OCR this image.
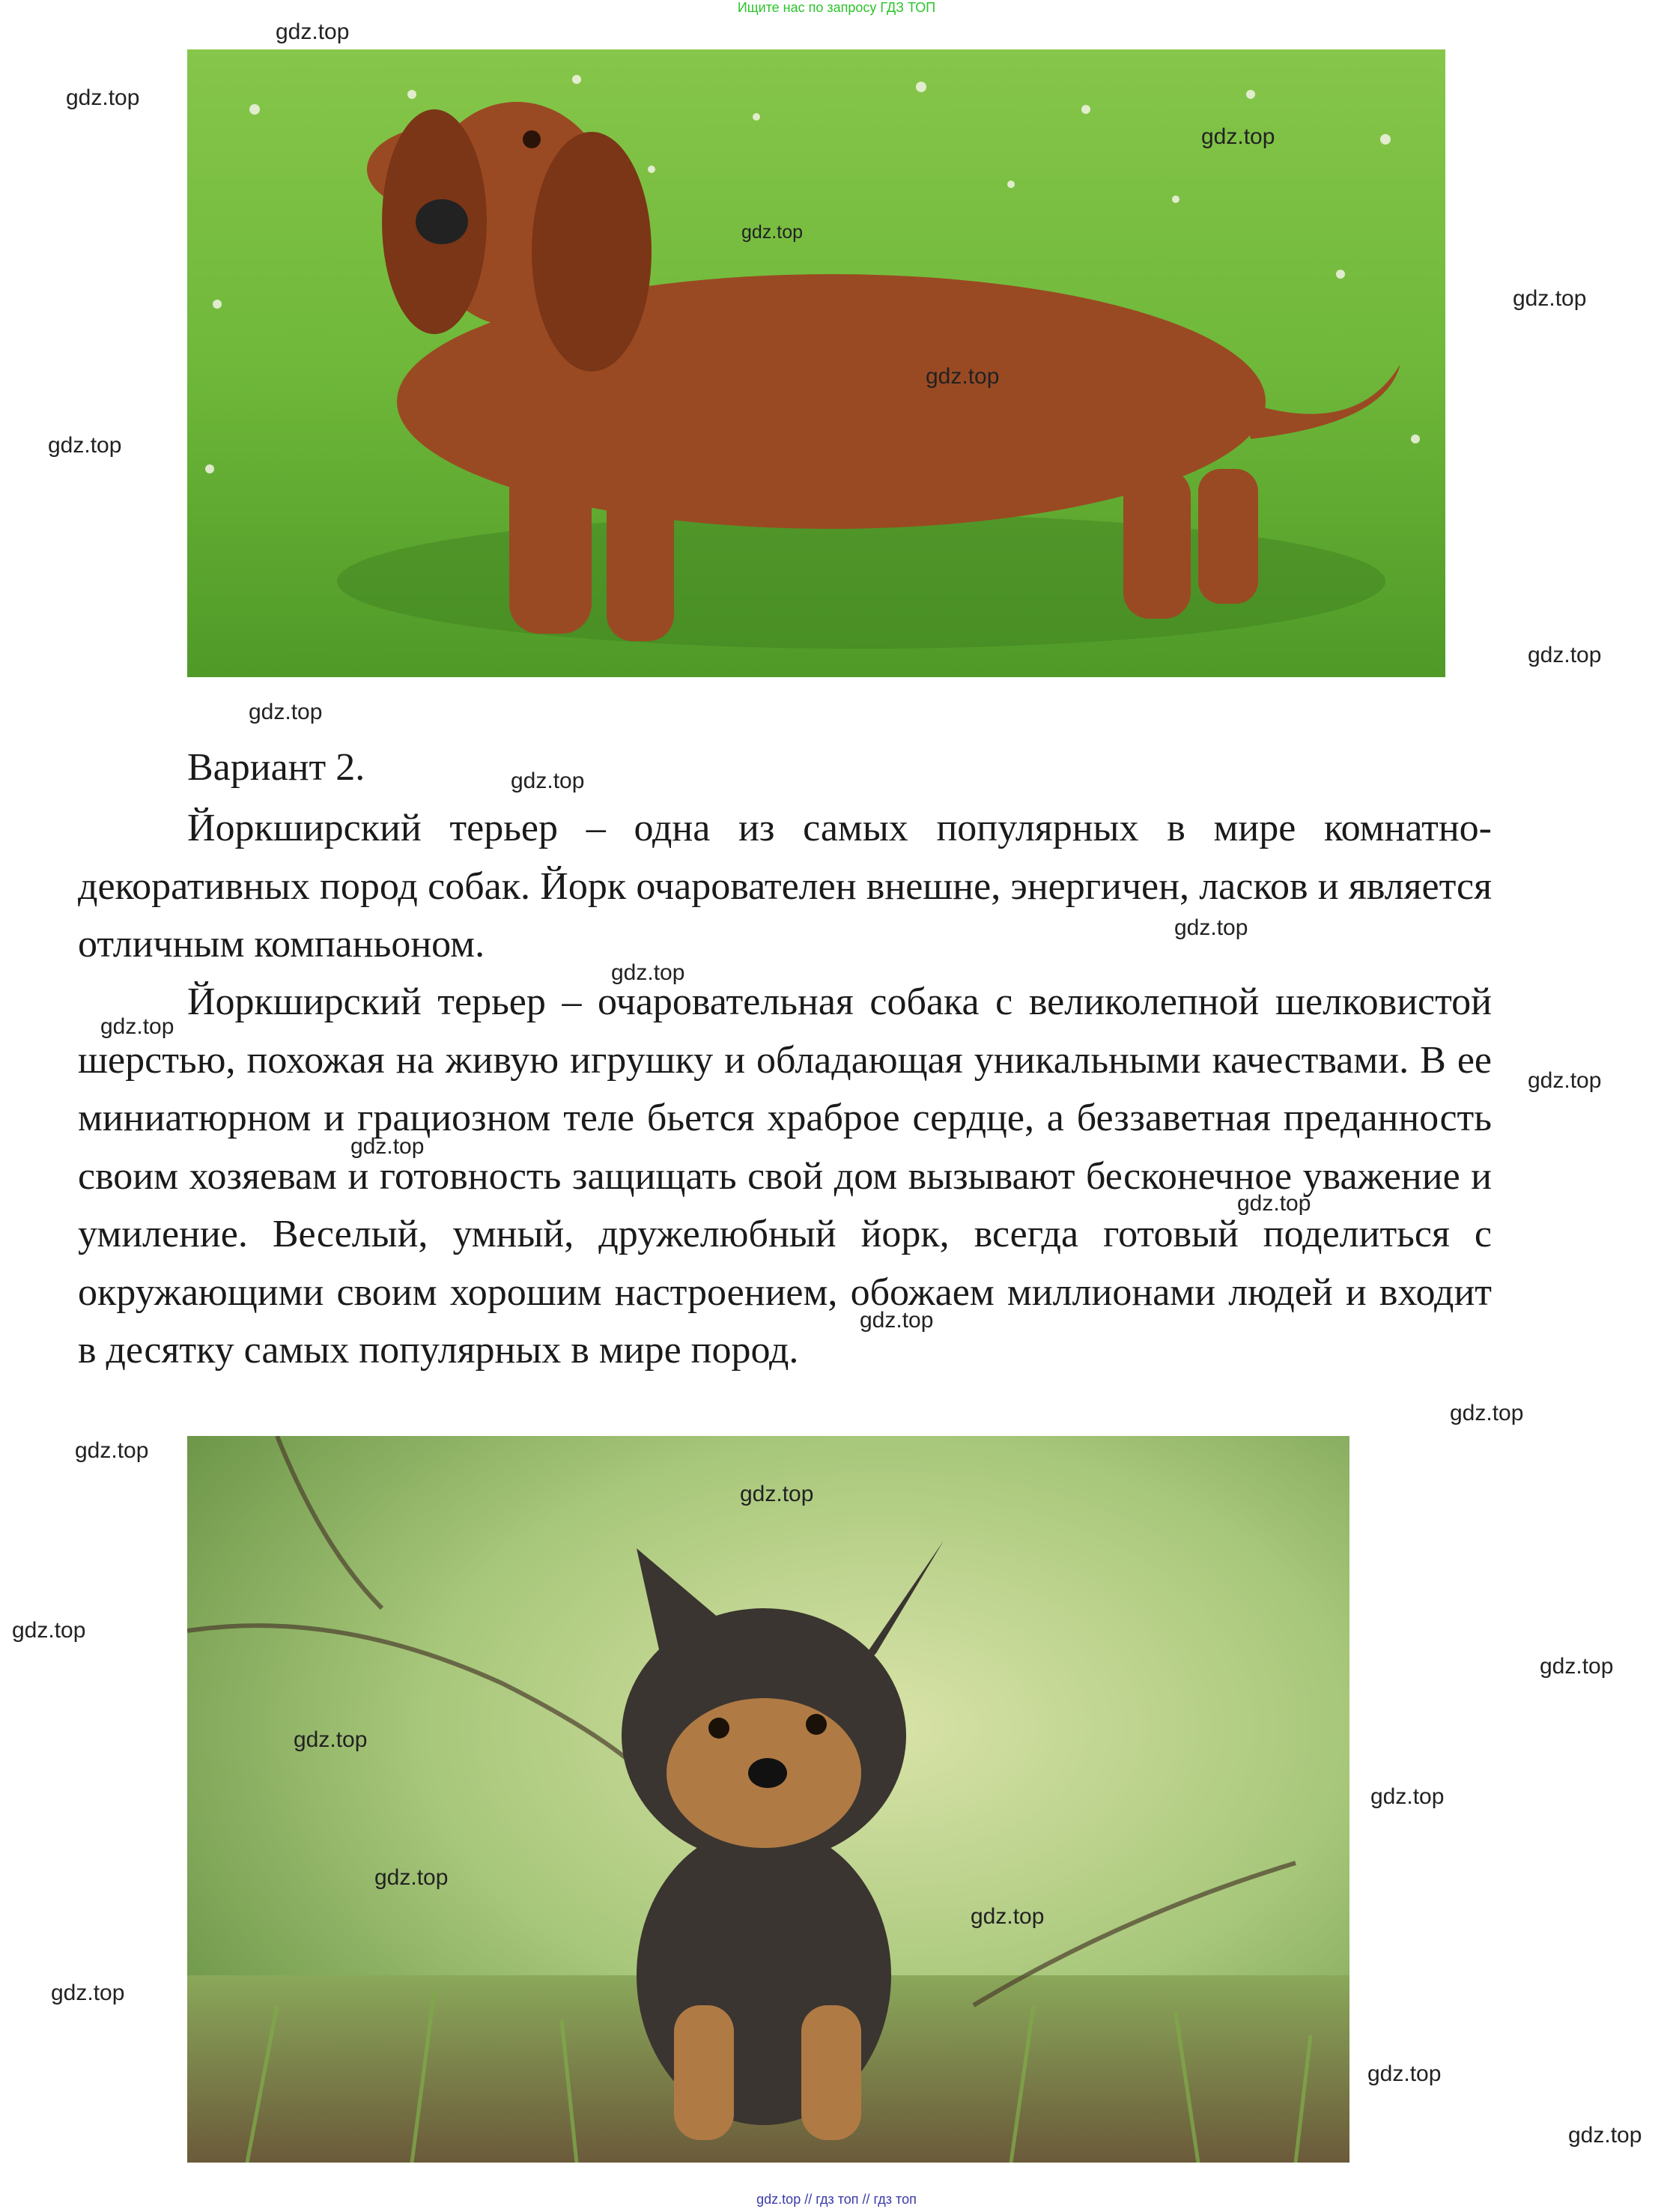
Ищите нас по запросу ГДЗ ТОП
Вариант 2.

Йоркширский терьер – одна из самых популярных в мире комнатно-декоративных пород собак. Йорк очарователен внешне, энергичен, ласков и является отличным компаньоном.

Йоркширский терьер – очаровательная собака с великолепной шелковистой шерстью, похожая на живую игрушку и обладающая уникальными качествами. В ее миниатюрном и грациозном теле бьется храброе сердце, а беззаветная преданность своим хозяевам и готовность защищать свой дом вызывают бесконечное уважение и умиление. Веселый, умный, дружелюбный йорк, всегда готовый поделиться с окружающими своим хорошим настроением, обожаем миллионами людей и входит в десятку самых популярных в мире пород.

gdz.top
gdz.top
gdz.top
gdz.top
gdz.top
gdz.top
gdz.top
gdz.top
gdz.top
gdz.top
gdz.top
gdz.top
gdz.top
gdz.top
gdz.top
gdz.top
gdz.top
gdz.top
gdz.top
gdz.top
gdz.top
gdz.top
gdz.top
gdz.top
gdz.top
gdz.top
gdz.top
gdz.top
gdz.top
gdz.top // гдз топ // гдз топ
